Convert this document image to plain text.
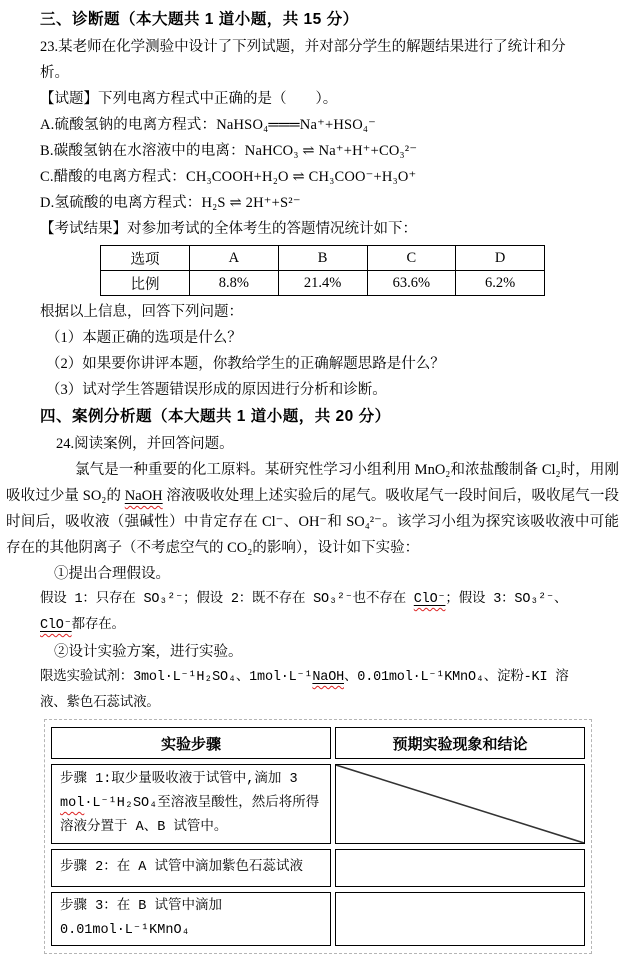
三、诊断题（本大题共 1 道小题，共 15 分）

23.某老师在化学测验中设计了下列试题，并对部分学生的解题结果进行了统计和分析。

【试题】下列电离方程式中正确的是（　　）。

A.硫酸氢钠的电离方程式：NaHSO₄═══Na⁺+HSO₄⁻

B.碳酸氢钠在水溶液中的电离：NaHCO₃ ⇌ Na⁺+H⁺+CO₃²⁻

C.醋酸的电离方程式：CH₃COOH+H₂O ⇌ CH₃COO⁻+H₃O⁺

D.氢硫酸的电离方程式：H₂S ⇌ 2H⁺+S²⁻

【考试结果】对参加考试的全体考生的答题情况统计如下：

选项	A	B	C	D
比例	8.8%	21.4%	63.6%	6.2%

根据以上信息，回答下列问题：

（1）本题正确的选项是什么？

（2）如果要你讲评本题，你教给学生的正确解题思路是什么？

（3）试对学生答题错误形成的原因进行分析和诊断。

四、案例分析题（本大题共 1 道小题，共 20 分）

24.阅读案例，并回答问题。

氯气是一种重要的化工原料。某研究性学习小组利用 MnO₂和浓盐酸制备 Cl₂时，用刚吸收过少量 SO₂的 NaOH 溶液吸收处理上述实验后的尾气。吸收尾气一段时间后，吸收尾气一段时间后，吸收液（强碱性）中肯定存在 Cl⁻、OH⁻和 SO₄²⁻。该学习小组为探究该吸收液中可能存在的其他阴离子（不考虑空气的 CO₂的影响），设计如下实验：

①提出合理假设。

假设 1：只存在 SO₃²⁻；假设 2：既不存在 SO₃²⁻也不存在 ClO⁻；假设 3：SO₃²⁻、ClO⁻都存在。

②设计实验方案，进行实验。

限选实验试剂：3mol·L⁻¹H₂SO₄、1mol·L⁻¹NaOH、0.01mol·L⁻¹KMnO₄、淀粉-KI 溶液、紫色石蕊试液。

实验步骤	预期实验现象和结论
步骤 1:取少量吸收液于试管中,滴加 3 mol·L⁻¹H₂SO₄至溶液呈酸性，然后将所得溶液分置于 A、B 试管中。	

步骤 2：在 A 试管中滴加紫色石蕊试液	
步骤 3：在 B 试管中滴加 0.01mol·L⁻¹KMnO₄	
